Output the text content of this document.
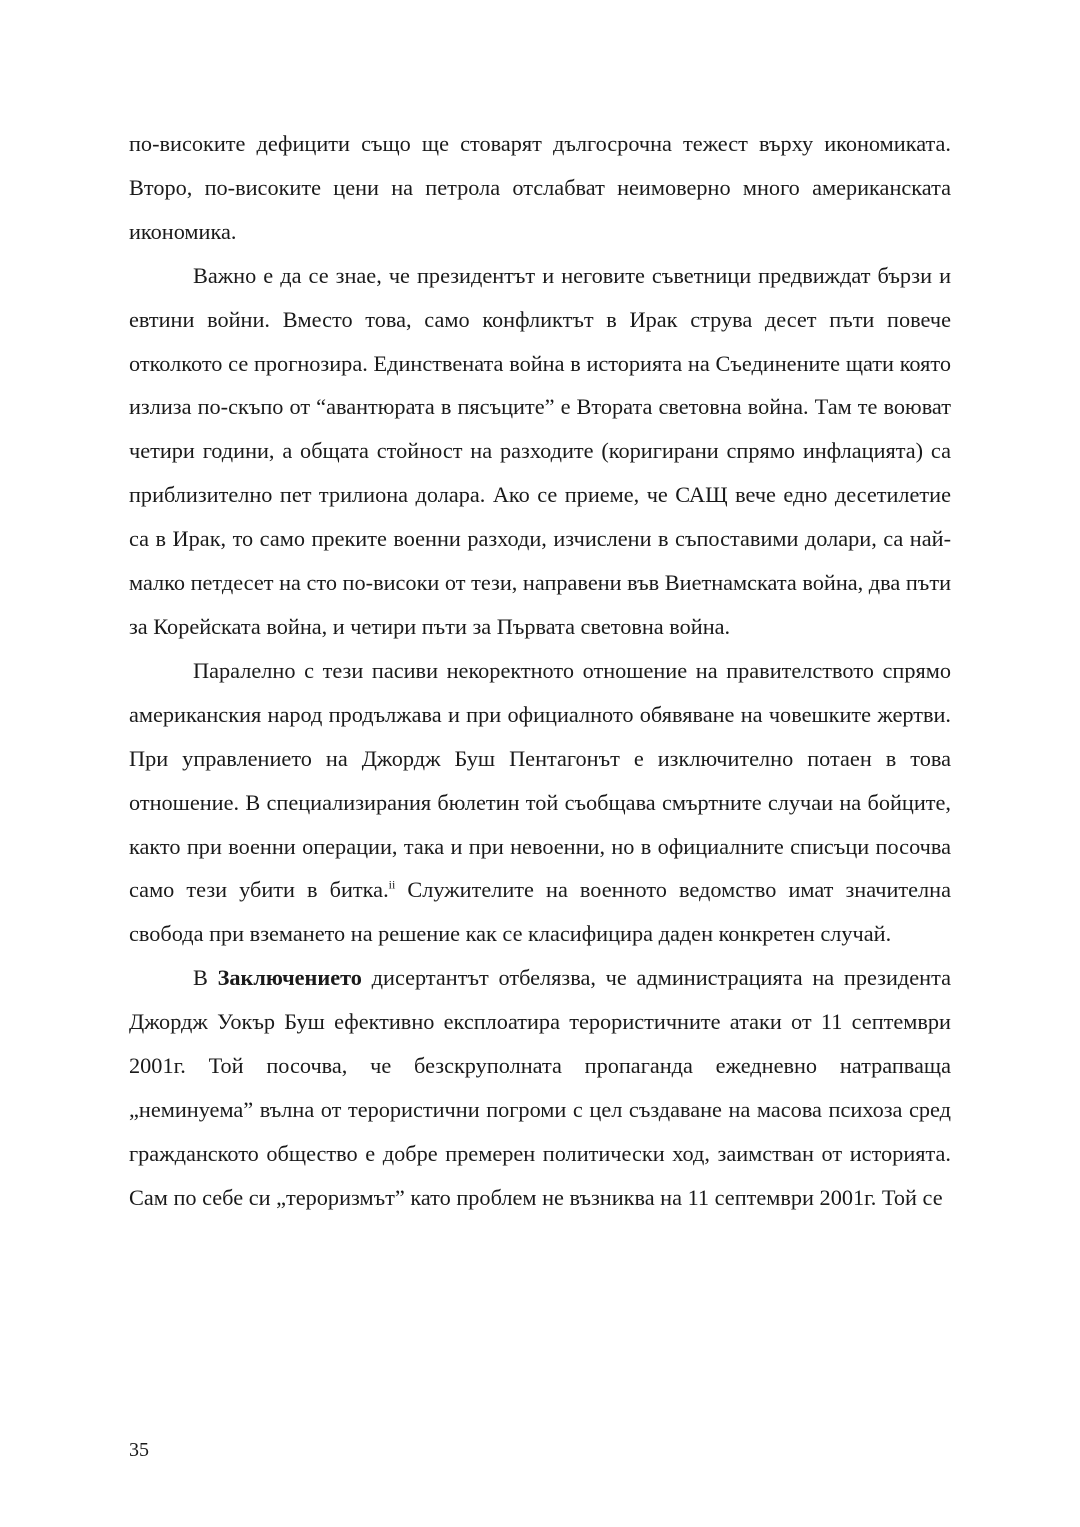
по-високите дефицити също ще стоварят дългосрочна тежест върху икономиката. Второ, по-високите цени на петрола отслабват неимоверно много американската икономика.

Важно е да се знае, че президентът и неговите съветници предвиждат бързи и евтини войни. Вместо това, само конфликтът в Ирак струва десет пъти повече отколкото се прогнозира. Единствената война в историята на Съединените щати която излиза по-скъпо от “авантюрата в пясъците” е Втората световна война. Там те воюват четири години, а общата стойност на разходите (коригирани спрямо инфлацията) са приблизително пет трилиона долара. Ако се приеме, че САЩ вече едно десетилетие са в Ирак, то само преките военни разходи, изчислени в съпоставими долари, са най-малко петдесет на сто по-високи от тези, направени във Виетнамската война, два пъти за Корейската война, и четири пъти за Първата световна война.

Паралелно с тези пасиви некоректното отношение на правителството спрямо американския народ продължава и при официалното обявяване на човешките жертви. При управлението на Джордж Буш Пентагонът е изключително потаен в това отношение. В специализирания бюлетин той съобщава смъртните случаи на бойците, както при военни операции, така и при невоенни, но в официалните списъци посочва само тези убити в битка.$^{ii}$ Служителите на военното ведомство имат значителна свобода при вземането на решение как се класифицира даден конкретен случай.

В Заключението дисертантът отбелязва, че администрацията на президента Джордж Уокър Буш ефективно експлоатира терористичните атаки от 11 септември 2001г. Той посочва, че безскруполната пропаганда ежедневно натрапваща „неминуема” вълна от терористични погроми с цел създаване на масова психоза сред гражданското общество е добре премерен политически ход, заимстван от историята. Сам по себе си „тероризмът” като проблем не възниква на 11 септември 2001г. Той се

35
